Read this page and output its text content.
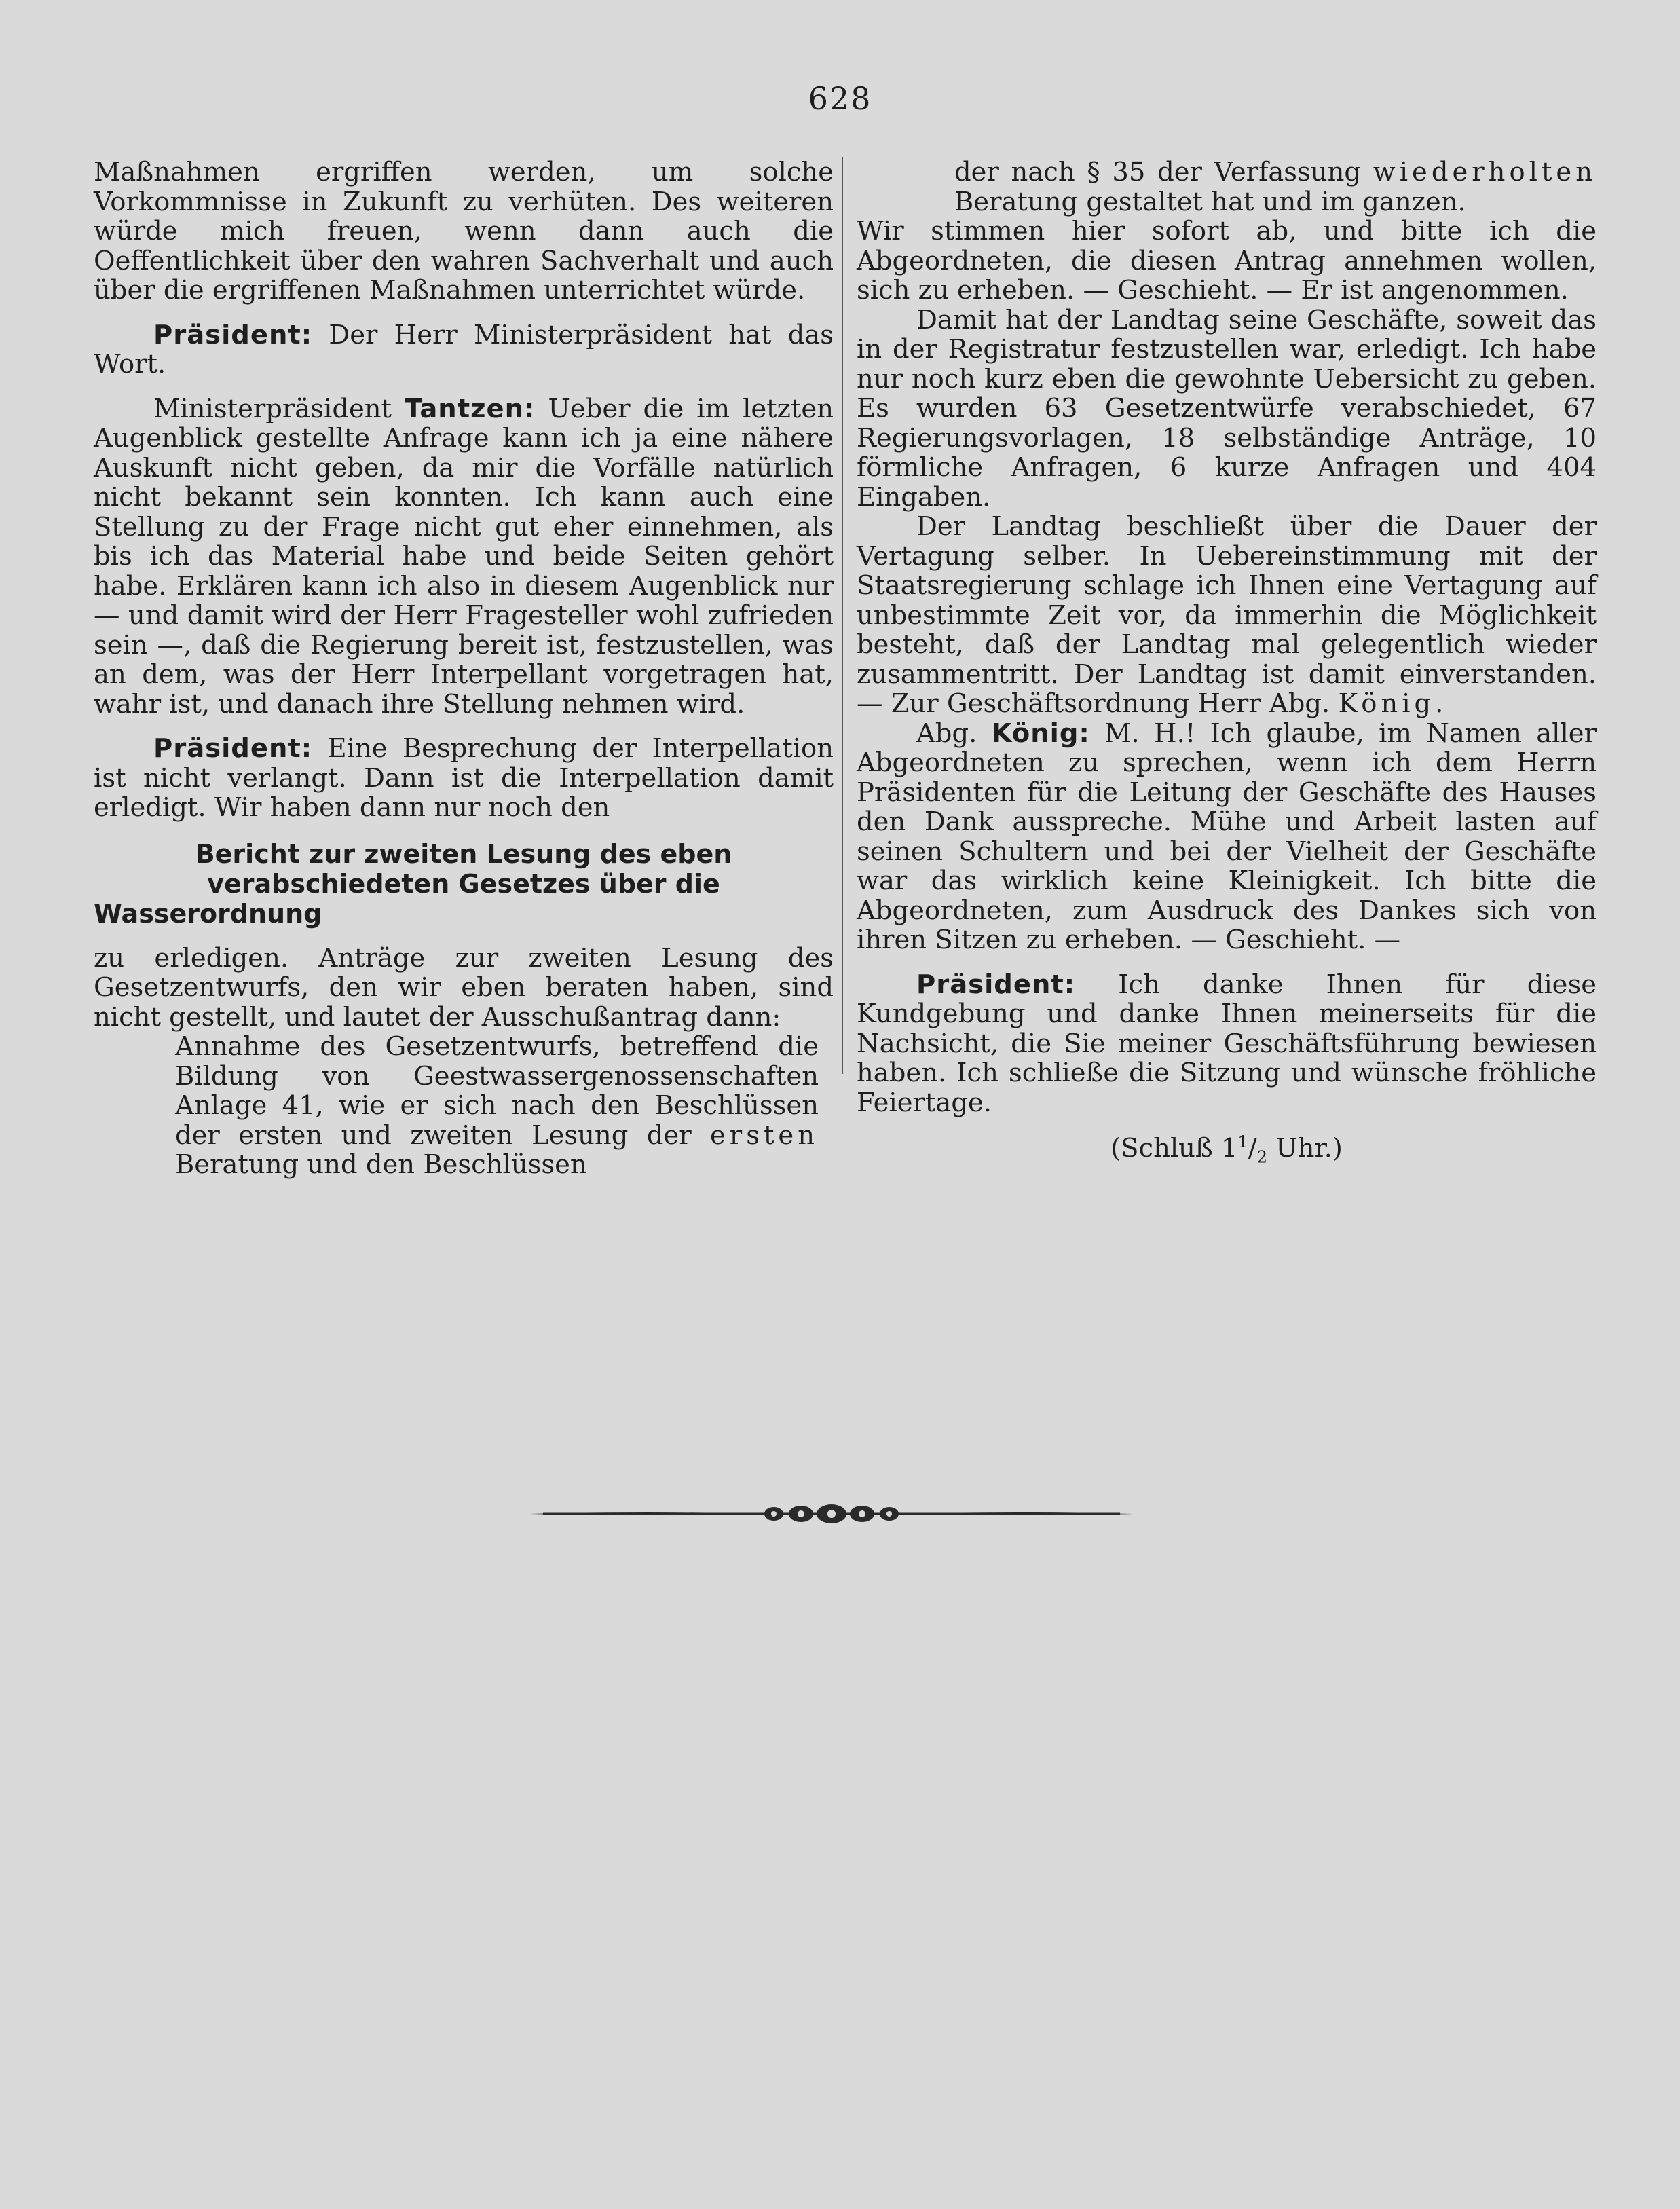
628

Maßnahmen ergriffen werden, um solche Vorkommnisse in Zukunft zu verhüten. Des weiteren würde mich freuen, wenn dann auch die Oeffentlichkeit über den wahren Sachverhalt und auch über die ergriffenen Maßnahmen unterrichtet würde.

Präsident: Der Herr Ministerpräsident hat das Wort.

Ministerpräsident Tantzen: Ueber die im letzten Augenblick gestellte Anfrage kann ich ja eine nähere Auskunft nicht geben, da mir die Vorfälle natürlich nicht bekannt sein konnten. Ich kann auch eine Stellung zu der Frage nicht gut eher einnehmen, als bis ich das Material habe und beide Seiten gehört habe. Erklären kann ich also in diesem Augenblick nur — und damit wird der Herr Fragesteller wohl zufrieden sein —, daß die Regierung bereit ist, festzustellen, was an dem, was der Herr Interpellant vorgetragen hat, wahr ist, und danach ihre Stellung nehmen wird.

Präsident: Eine Besprechung der Interpellation ist nicht verlangt. Dann ist die Interpellation damit erledigt. Wir haben dann nur noch den

Bericht zur zweiten Lesung des eben verabschiedeten Gesetzes über die Wasserordnung

zu erledigen. Anträge zur zweiten Lesung des Gesetzentwurfs, den wir eben beraten haben, sind nicht gestellt, und lautet der Ausschußantrag dann:

Annahme des Gesetzentwurfs, betreffend die Bildung von Geestwassergenossenschaften Anlage 41, wie er sich nach den Beschlüssen der ersten und zweiten Lesung der ersten Beratung und den Beschlüssen

der nach § 35 der Verfassung wiederholten Beratung gestaltet hat und im ganzen.

Wir stimmen hier sofort ab, und bitte ich die Abgeordneten, die diesen Antrag annehmen wollen, sich zu erheben. — Geschieht. — Er ist angenommen.

Damit hat der Landtag seine Geschäfte, soweit das in der Registratur festzustellen war, erledigt. Ich habe nur noch kurz eben die gewohnte Uebersicht zu geben. Es wurden 63 Gesetzentwürfe verabschiedet, 67 Regierungsvorlagen, 18 selbständige Anträge, 10 förmliche Anfragen, 6 kurze Anfragen und 404 Eingaben.

Der Landtag beschließt über die Dauer der Vertagung selber. In Uebereinstimmung mit der Staatsregierung schlage ich Ihnen eine Vertagung auf unbestimmte Zeit vor, da immerhin die Möglichkeit besteht, daß der Landtag mal gelegentlich wieder zusammentritt. Der Landtag ist damit einverstanden. — Zur Geschäftsordnung Herr Abg. König.

Abg. König: M. H.! Ich glaube, im Namen aller Abgeordneten zu sprechen, wenn ich dem Herrn Präsidenten für die Leitung der Geschäfte des Hauses den Dank ausspreche. Mühe und Arbeit lasten auf seinen Schultern und bei der Vielheit der Geschäfte war das wirklich keine Kleinigkeit. Ich bitte die Abgeordneten, zum Ausdruck des Dankes sich von ihren Sitzen zu erheben. — Geschieht. —

Präsident: Ich danke Ihnen für diese Kundgebung und danke Ihnen meinerseits für die Nachsicht, die Sie meiner Geschäftsführung bewiesen haben. Ich schließe die Sitzung und wünsche fröhliche Feiertage.

(Schluß $1^1/_2$ Uhr.)
